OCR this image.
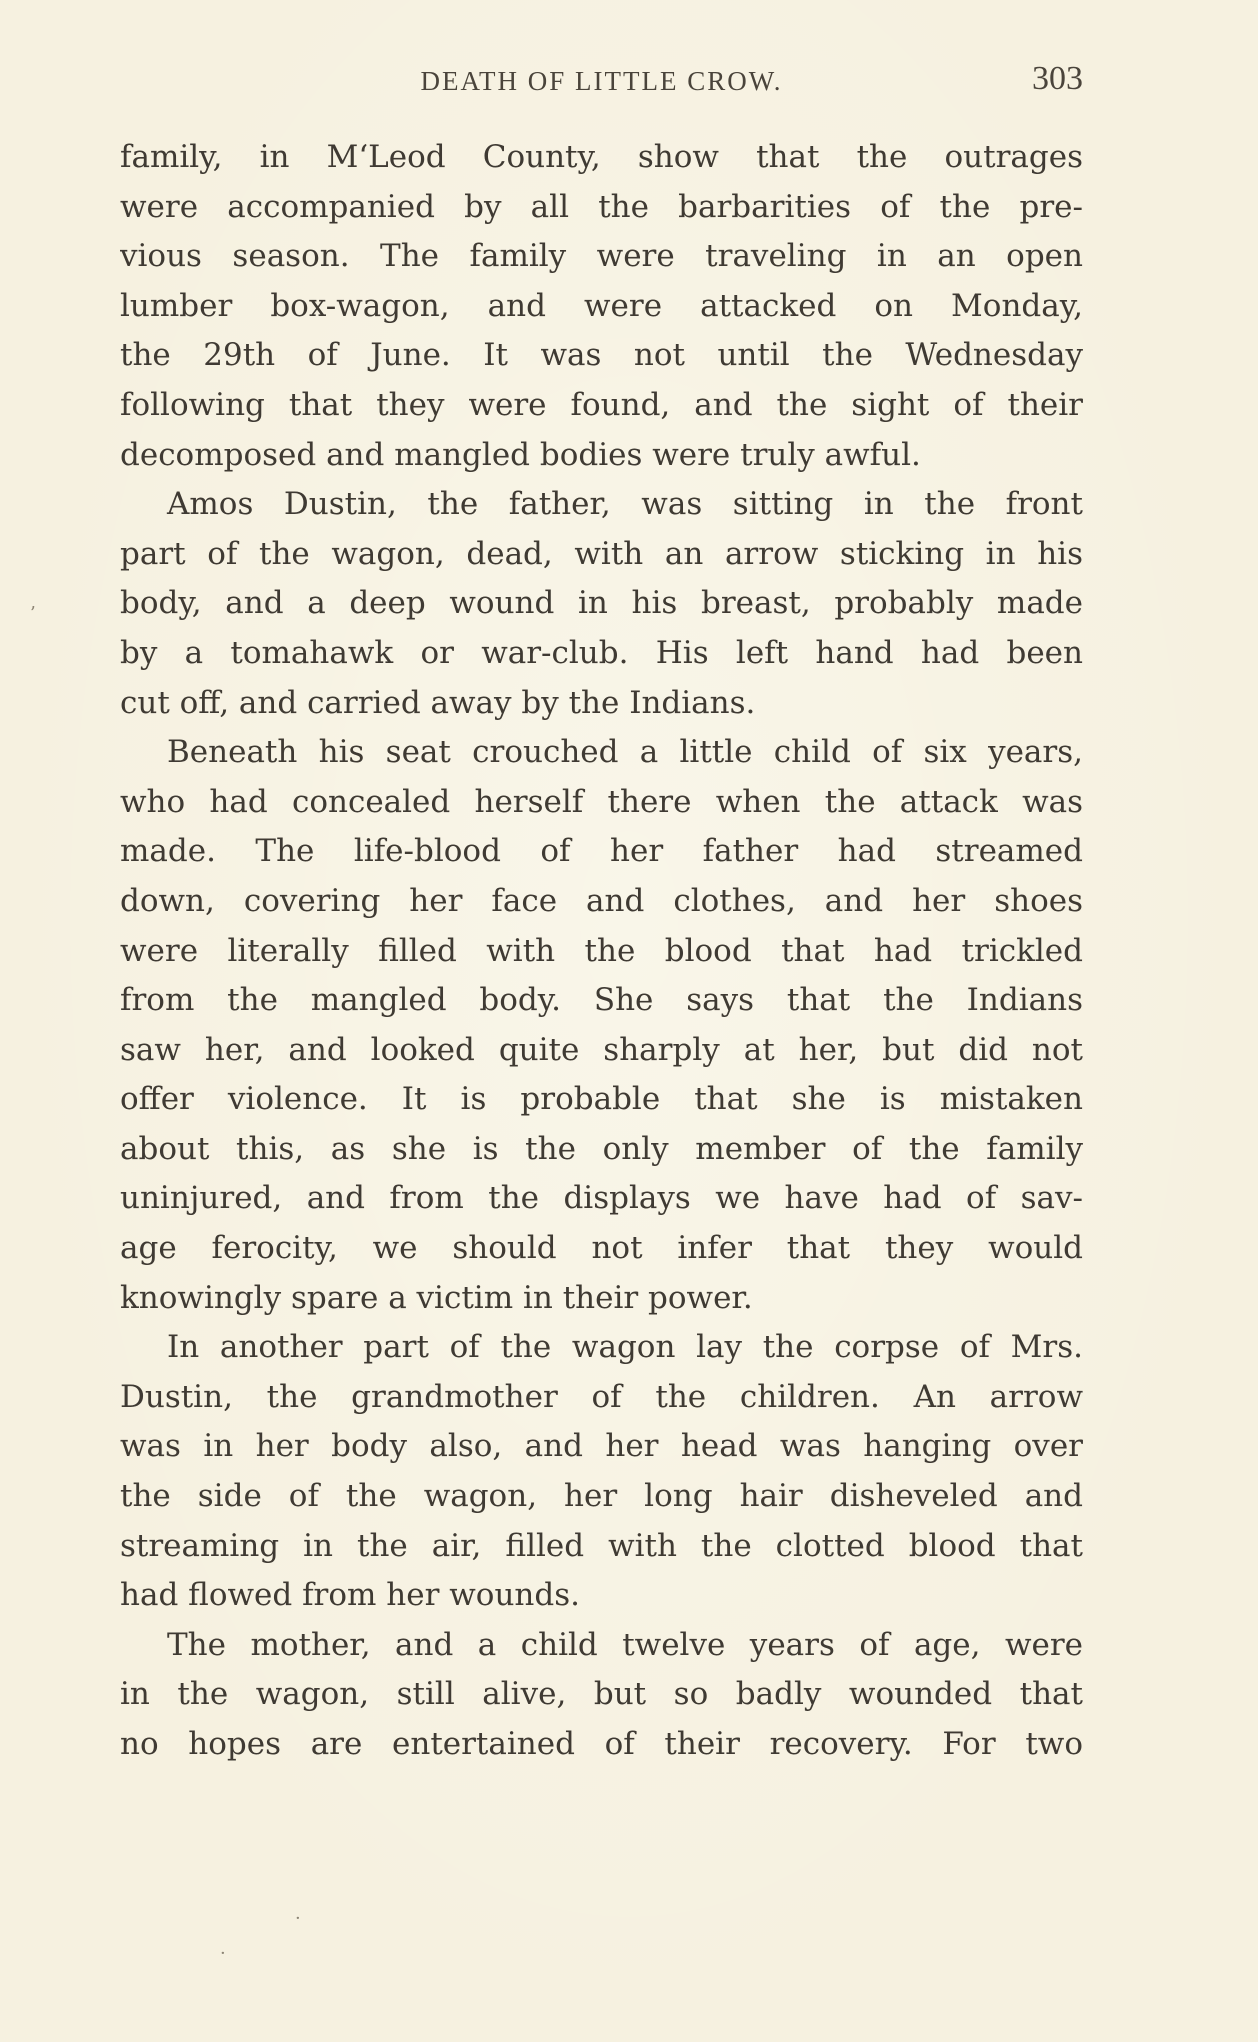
DEATH OF LITTLE CROW.	303
family, in M‘Leod County, show that the outrages
were accompanied by all the barbarities of the pre-
vious season. The family were traveling in an open
lumber box-wagon, and were attacked on Monday,
the 29th of June. It was not until the Wednesday
following that they were found, and the sight of their
decomposed and mangled bodies were truly awful.
Amos Dustin, the father, was sitting in the front
part of the wagon, dead, with an arrow sticking in his
body, and a deep wound in his breast, probably made
by a tomahawk or war-club. His left hand had been
cut off, and carried away by the Indians.
Beneath his seat crouched a little child of six years,
who had concealed herself there when the attack was
made. The life-blood of her father had streamed
down, covering her face and clothes, and her shoes
were literally filled with the blood that had trickled
from the mangled body. She says that the Indians
saw her, and looked quite sharply at her, but did not
offer violence. It is probable that she is mistaken
about this, as she is the only member of the family
uninjured, and from the displays we have had of sav-
age ferocity, we should not infer that they would
knowingly spare a victim in their power.
In another part of the wagon lay the corpse of Mrs.
Dustin, the grandmother of the children. An arrow
was in her body also, and her head was hanging over
the side of the wagon, her long hair disheveled and
streaming in the air, filled with the clotted blood that
had flowed from her wounds.
The mother, and a child twelve years of age, were
in the wagon, still alive, but so badly wounded that
no hopes are entertained of their recovery. For two
’
·
·
